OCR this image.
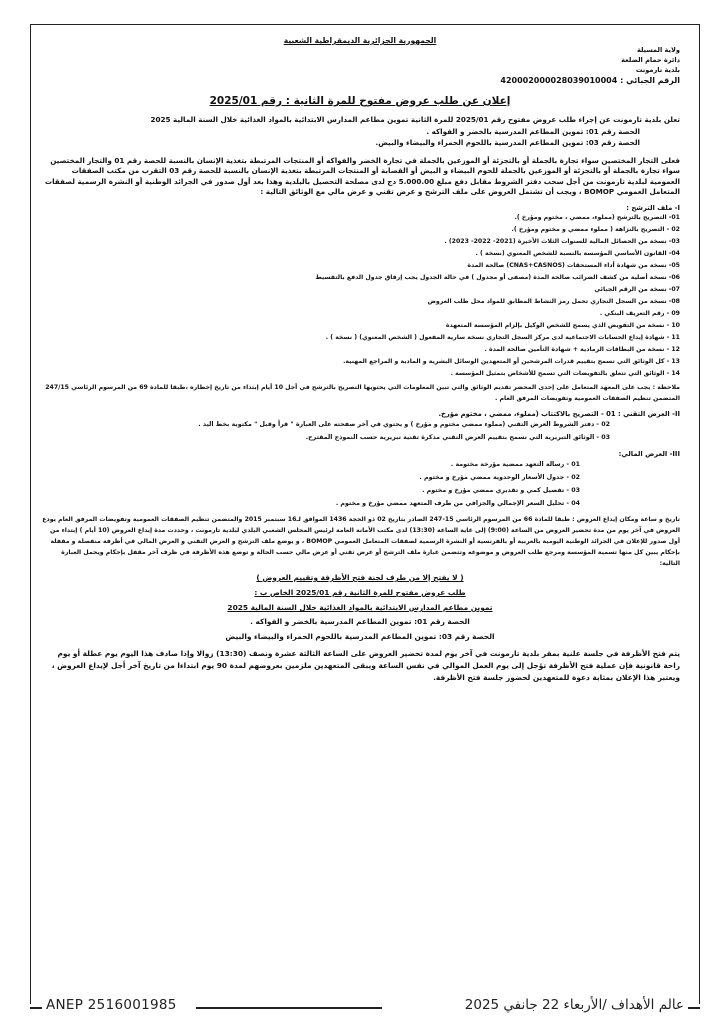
الجمهورية الجزائرية الديمقراطية الشعبية
ولاية المسيلة
دائرة حمام الضلعة
بلدية تارمونت
الرقم الجبائي : 420002000028039010004
إعلان عن طلب عروض مفتوح للمرة الثانية : رقم 2025/01
تعلن بلدية تارمونت عن إجراء طلب عروض مفتوح رقم 2025/01 للمرة الثانية تموين مطاعم المدارس الابتدائية بالمواد الغذائية خلال السنة المالية 2025
الحصة رقم 01: تموين المطاعم المدرسية بالخضر و الفواكه .
الحصة رقم 03: تموين المطاعم المدرسية باللحوم الحمراء والبيضاء والبيض.
فعلى التجار المختصين سواء تجارة بالجملة أو بالتجزئة أو الموزعين بالجملة في تجارة الخضر والفواكه أو المنتجات المرتبطة بتغذية الإنسان بالنسبة للحصة رقم 01 والتجار المختصين سواء تجارة بالجملة أو بالتجزئة أو الموزعين بالجملة للحوم البيضاء و البيض أو القصابة أو المنتجات المرتبطة بتغذية الإنسان بالنسبة للحصة رقم 03 التقرب من مكتب الصفقات العمومية لبلدية تارمونت من أجل سحب دفتر الشروط مقابل دفع مبلغ 5.000.00 دج لدى مصلحة التحصيل بالبلدية وهذا بعد أول صدور في الجرائد الوطنية أو النشرة الرسمية لصفقات المتعامل العمومي BOMOP ، ويجب أن تشتمل العروض على ملف الترشح و عرض تقني و عرض مالي مع الوثائق التالية :
I- ملف الترشح :
01- التصريح بالترشح (مملوء، ممضي ، مختوم ومؤرخ ).
02 - التصريح بالنزاهة ( مملوء ممضي و مختوم ومؤرخ ).
03- نسخة من الحصائل المالية للسنوات الثلاث الأخيرة (2021- 2022- 2023) .
04- القانون الأساسي المؤسسة بالنسبة للشخص المعنوي (نسخة ) .
05- نسخة من شهادة أداء المستحقات (CNAS+CASNOS) صالحة المدة
06- نسخة أصلية من كشف الضرائب صالحة المدة (مصفى أو مجدول ) في حالة الجدول يجب إرفاق جدول الدفع بالتقسيط
07- نسخة من الرقم الجبائي
08- نسخة من السجل التجاري تحمل رمز النشاط المطابق للمواد محل طلب العروض
09 - رقم التعريف البنكي .
10 - نسخة من التفويض الذي يسمح للشخص الوكيل بإلزام المؤسسة المتعهدة
11 - شهادة إيداع الحسابات الاجتماعية لدى مركز السجل التجاري نسخة سارية المفعول ( الشخص المعنوي) ( نسخة ) .
12 - نسخة من البطاقات الرمادية + شهادة التأمين صالحة المدة .
13 - كل الوثائق التي تسمح بتقييم قدرات المرشحين أو المتعهدين الوسائل البشرية و المادية و المراجع المهنية.
14 - الوثائق التي تتعلق بالتفويضات التي تسمح للأشخاص بتمثيل المؤسسة .
ملاحظة : يجب على المعهد المتعامل على إحدى المحضر تقديم الوثائق والتي تبين المعلومات التي يحتويها التصريح بالترشح في أجل 10 أيام إبتداء من تاريخ إخطاره ،طبقا للمادة 69 من المرسوم الرئاسي 247/15 المتضمن تنظيم الصفقات العمومية وتفويضات المرفق العام .
II- العرض التقني : 01 - التصريح بالاكتتاب (مملوء، ممضي ، مختوم مؤرخ.
02 - دفتر الشروط العرض التقني (مملوء ممضي مختوم و مؤرخ ) و يحتوي في آخر صفحته على العبارة " قرأ وقبل " مكتوبة بخط اليد .
03 - الوثائق التبريرية التي تسمح بتقييم العرض التقني مذكرة تقنية تبريرية حسب النموذج المقترح.
III- العرض المالي:
01 - رسالة التعهد ممضية مؤرخة مختومة .
02 - جدول الأسعار الوحدوية ممضي مؤرخ و مختوم .
03 - تفصيل كمي و تقديري ممضي مؤرخ و مختوم .
04 - تحليل السعر الإجمالي والجزافي من طرف المتعهد ممضي مؤرخ و مختوم .
تاريخ و ساعة ومكان إيداع العروض : طبقا للمادة 66 من المرسوم الرئاسي 15-247 الصادر بتاريخ 02 ذو الحجة 1436 الموافق لـ16 سبتمبر 2015 والمتضمن تنظيم الصفقات العمومية وتفويضات المرفق العام يودع العروض في آخر يوم من مدة تحضير العروض من الساعة (9:00) إلى غاية الساعة (13:30) لدى مكتب الأمانة العامة لرئيس المجلس الشعبي البلدي لبلدية تارمونت ، وحددت مدة إيداع العروض (10 أيام ) إبتداء من أول صدور للإعلان في الجرائد الوطنية اليومية بالعربية أو بالفرنسية أو النشرة الرسمية لصفقات المتعامل العمومي BOMOP ، و يوضع ملف الترشح و العرض التقني و العرض المالي في أظرفة منفصلة و مقفلة بإحكام يبين كل منها تسمية المؤسسة ومرجع طلب العروض و موضوعه وتتضمن عبارة ملف الترشح أو عرض تقني أو عرض مالي حسب الحالة و توضع هذه الأظرفة في ظرف آخر مقفل بإحكام ويحمل العبارة التالية:
( لا يفتح إلا من طرف لجنة فتح الأظرفة وتقييم العروض )
طلب عروض مفتوح للمرة الثانية رقم 2025/01 الخاص ب :
تموين مطاعم المدارس الابتدائية بالمواد الغذائية خلال السنة المالية 2025
الحصة رقم 01: تموين المطاعم المدرسية بالخضر و الفواكه .
الحصة رقم 03: تموين المطاعم المدرسية باللحوم الحمراء والبيضاء والبيض
يتم فتح الأظرفة في جلسة علنية بمقر بلدية تارمونت في آخر يوم لمدة تحضير العروض على الساعة الثالثة عشرة ونصف (13:30) زوالا وإذا صادف هذا اليوم يوم عطلة أو يوم راحة قانونية فإن عملية فتح الأظرفة تؤجل إلى يوم العمل الموالي في نفس الساعة ويبقى المتعهدين ملزمين بعروضهم لمدة 90 يوم ابتداءا من تاريخ آخر أجل لإيداع العروض ، ويعتبر هذا الإعلان بمثابة دعوة للمتعهدين لحضور جلسة فتح الأظرفة.
ANEP 2516001985	عالم الأهداف /الأربعاء 22 جانفي 2025
